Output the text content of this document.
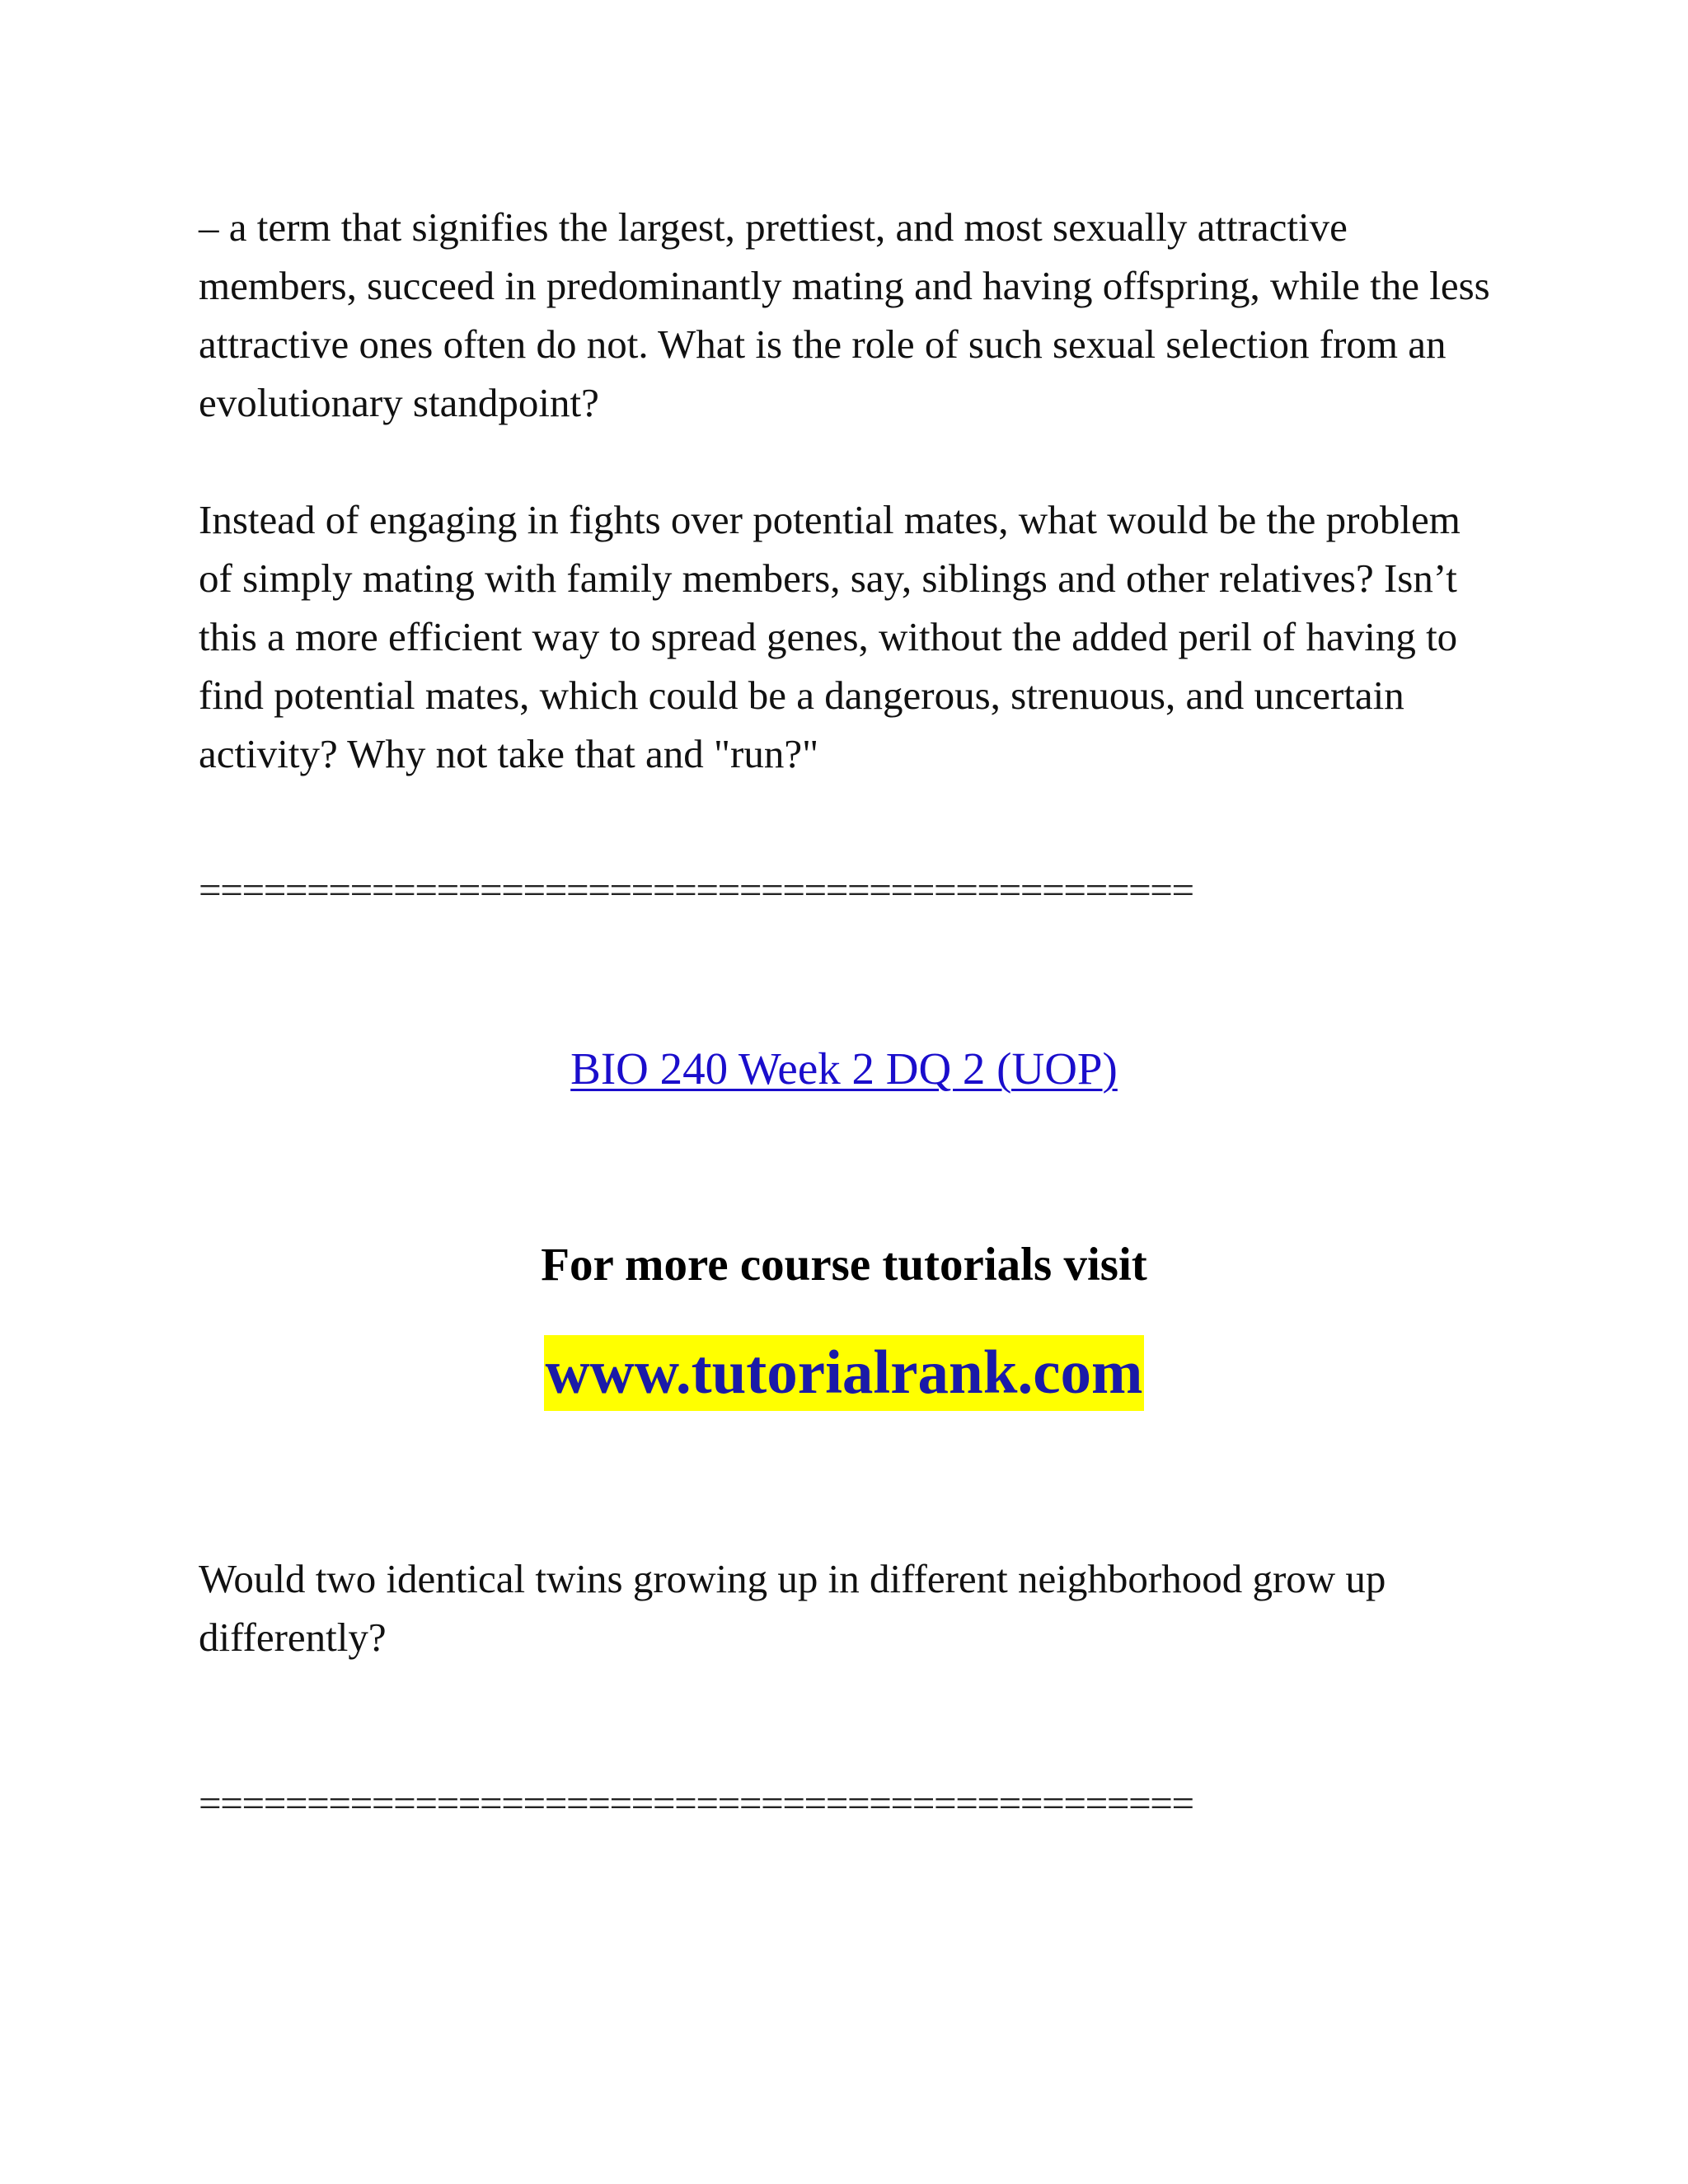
– a term that signifies the largest, prettiest, and most sexually attractive members, succeed in predominantly mating and having offspring, while the less attractive ones often do not. What is the role of such sexual selection from an evolutionary standpoint?

Instead of engaging in fights over potential mates, what would be the problem of simply mating with family members, say, siblings and other relatives? Isn’t this a more efficient way to spread genes, without the added peril of having to find potential mates, which could be a dangerous, strenuous, and uncertain activity? Why not take that and "run?"

==============================================
BIO 240 Week 2 DQ 2 (UOP)
For more course tutorials visit
www.tutorialrank.com

Would two identical twins growing up in different neighborhood grow up differently?

==============================================
